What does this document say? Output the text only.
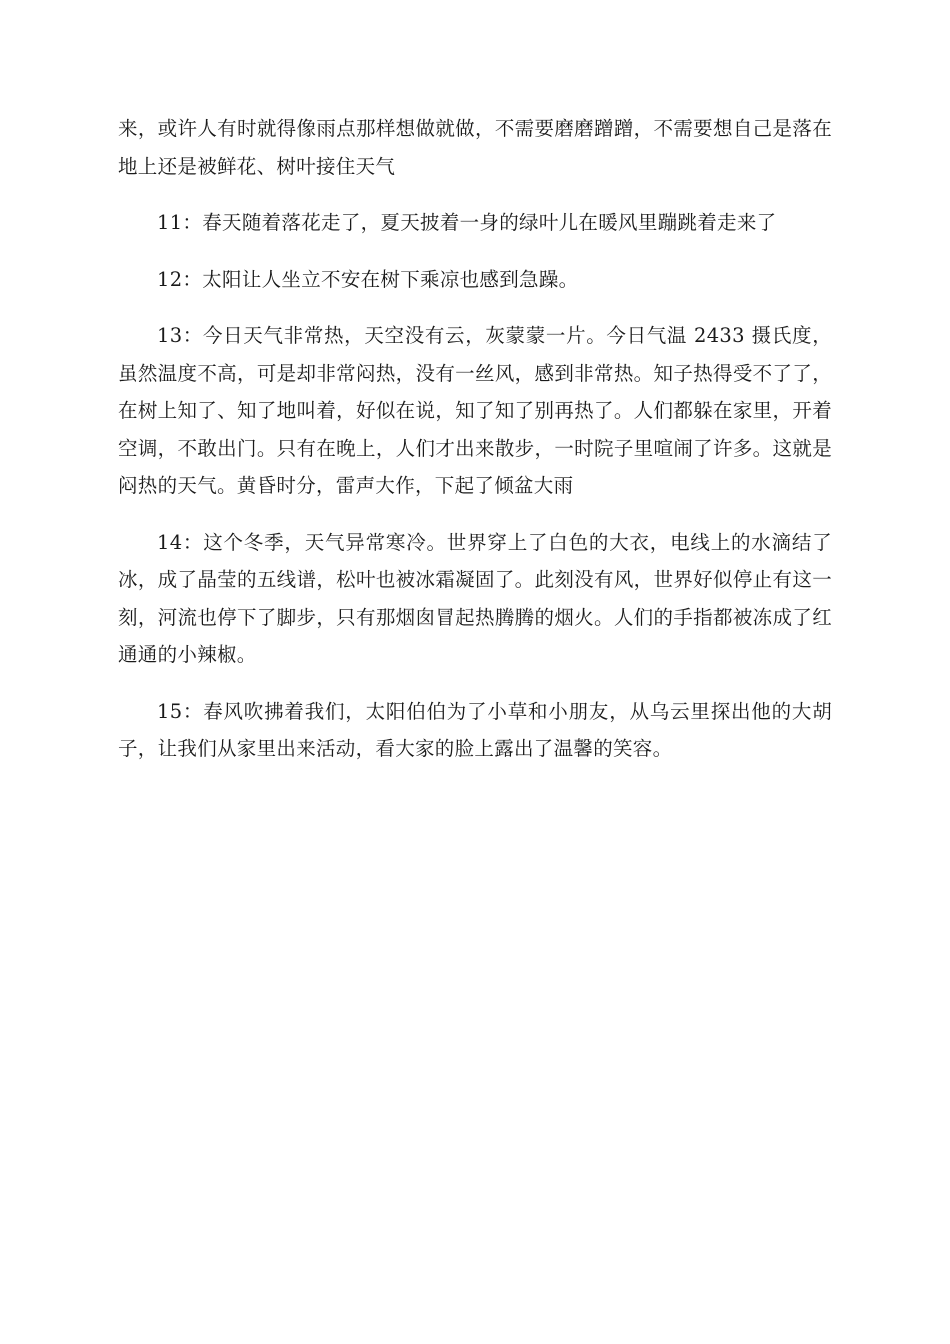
来，或许人有时就得像雨点那样想做就做，不需要磨磨蹭蹭，不需要想自己是落在地上还是被鲜花、树叶接住天气

11：春天随着落花走了，夏天披着一身的绿叶儿在暖风里蹦跳着走来了

12：太阳让人坐立不安在树下乘凉也感到急躁。

13：今日天气非常热，天空没有云，灰蒙蒙一片。今日气温 2433 摄氏度，虽然温度不高，可是却非常闷热，没有一丝风，感到非常热。知子热得受不了了，在树上知了、知了地叫着，好似在说，知了知了别再热了。人们都躲在家里，开着空调，不敢出门。只有在晚上，人们才出来散步，一时院子里喧闹了许多。这就是闷热的天气。黄昏时分，雷声大作，下起了倾盆大雨

14：这个冬季，天气异常寒冷。世界穿上了白色的大衣，电线上的水滴结了冰，成了晶莹的五线谱，松叶也被冰霜凝固了。此刻没有风，世界好似停止有这一刻，河流也停下了脚步，只有那烟囱冒起热腾腾的烟火。人们的手指都被冻成了红通通的小辣椒。

15：春风吹拂着我们，太阳伯伯为了小草和小朋友，从乌云里探出他的大胡子，让我们从家里出来活动，看大家的脸上露出了温馨的笑容。
